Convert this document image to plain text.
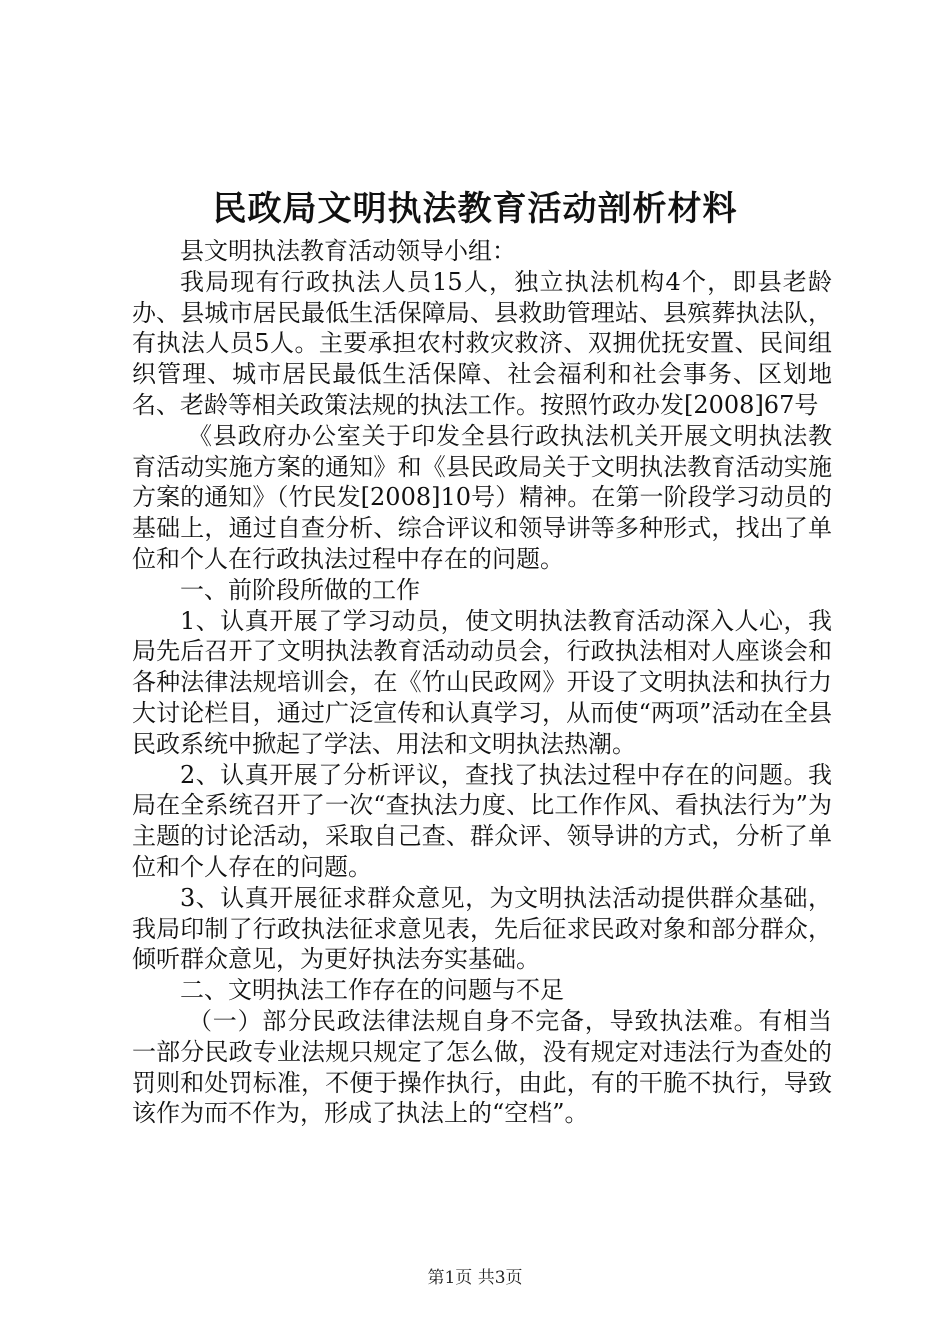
民政局文明执法教育活动剖析材料

县文明执法教育活动领导小组：

我局现有行政执法人员15人，独立执法机构4个，即县老龄办、县城市居民最低生活保障局、县救助管理站、县殡葬执法队，有执法人员5人。主要承担农村救灾救济、双拥优抚安置、民间组织管理、城市居民最低生活保障、社会福利和社会事务、区划地名、老龄等相关政策法规的执法工作。按照竹政办发[2008]67号

《县政府办公室关于印发全县行政执法机关开展文明执法教育活动实施方案的通知》和《县民政局关于文明执法教育活动实施方案的通知》（竹民发[2008]10号）精神。在第一阶段学习动员的基础上，通过自查分析、综合评议和领导讲等多种形式，找出了单位和个人在行政执法过程中存在的问题。

一、前阶段所做的工作

1、认真开展了学习动员，使文明执法教育活动深入人心，我局先后召开了文明执法教育活动动员会，行政执法相对人座谈会和各种法律法规培训会，在《竹山民政网》开设了文明执法和执行力大讨论栏目，通过广泛宣传和认真学习，从而使“两项”活动在全县民政系统中掀起了学法、用法和文明执法热潮。

2、认真开展了分析评议，查找了执法过程中存在的问题。我局在全系统召开了一次“查执法力度、比工作作风、看执法行为”为主题的讨论活动，采取自己查、群众评、领导讲的方式，分析了单位和个人存在的问题。

3、认真开展征求群众意见，为文明执法活动提供群众基础，我局印制了行政执法征求意见表，先后征求民政对象和部分群众，倾听群众意见，为更好执法夯实基础。

二、文明执法工作存在的问题与不足

（一）部分民政法律法规自身不完备，导致执法难。有相当一部分民政专业法规只规定了怎么做，没有规定对违法行为查处的罚则和处罚标准，不便于操作执行，由此，有的干脆不执行，导致该作为而不作为，形成了执法上的“空档”。

第1页 共3页
